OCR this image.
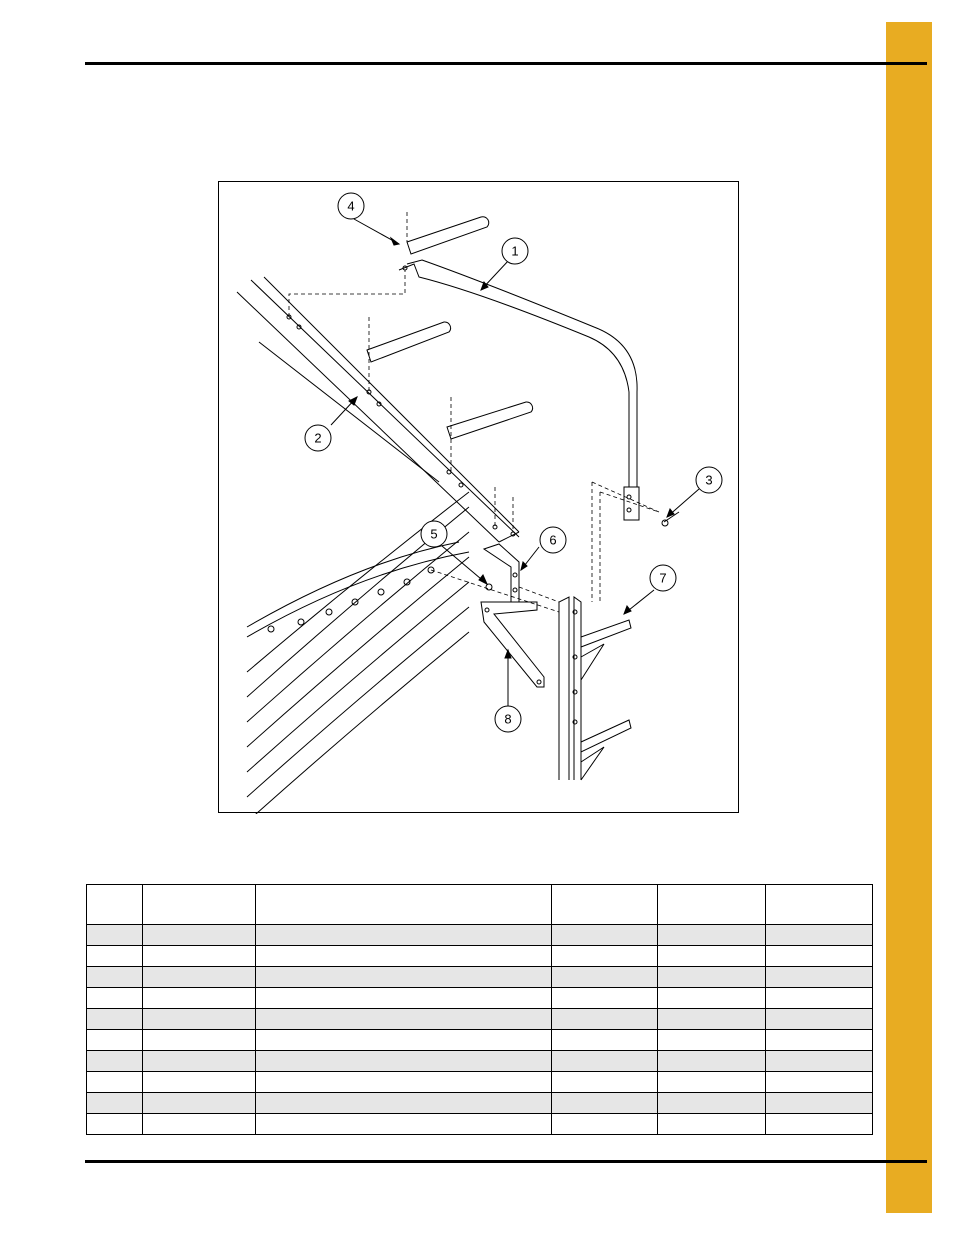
4
1
2
3
5	6
7
8
